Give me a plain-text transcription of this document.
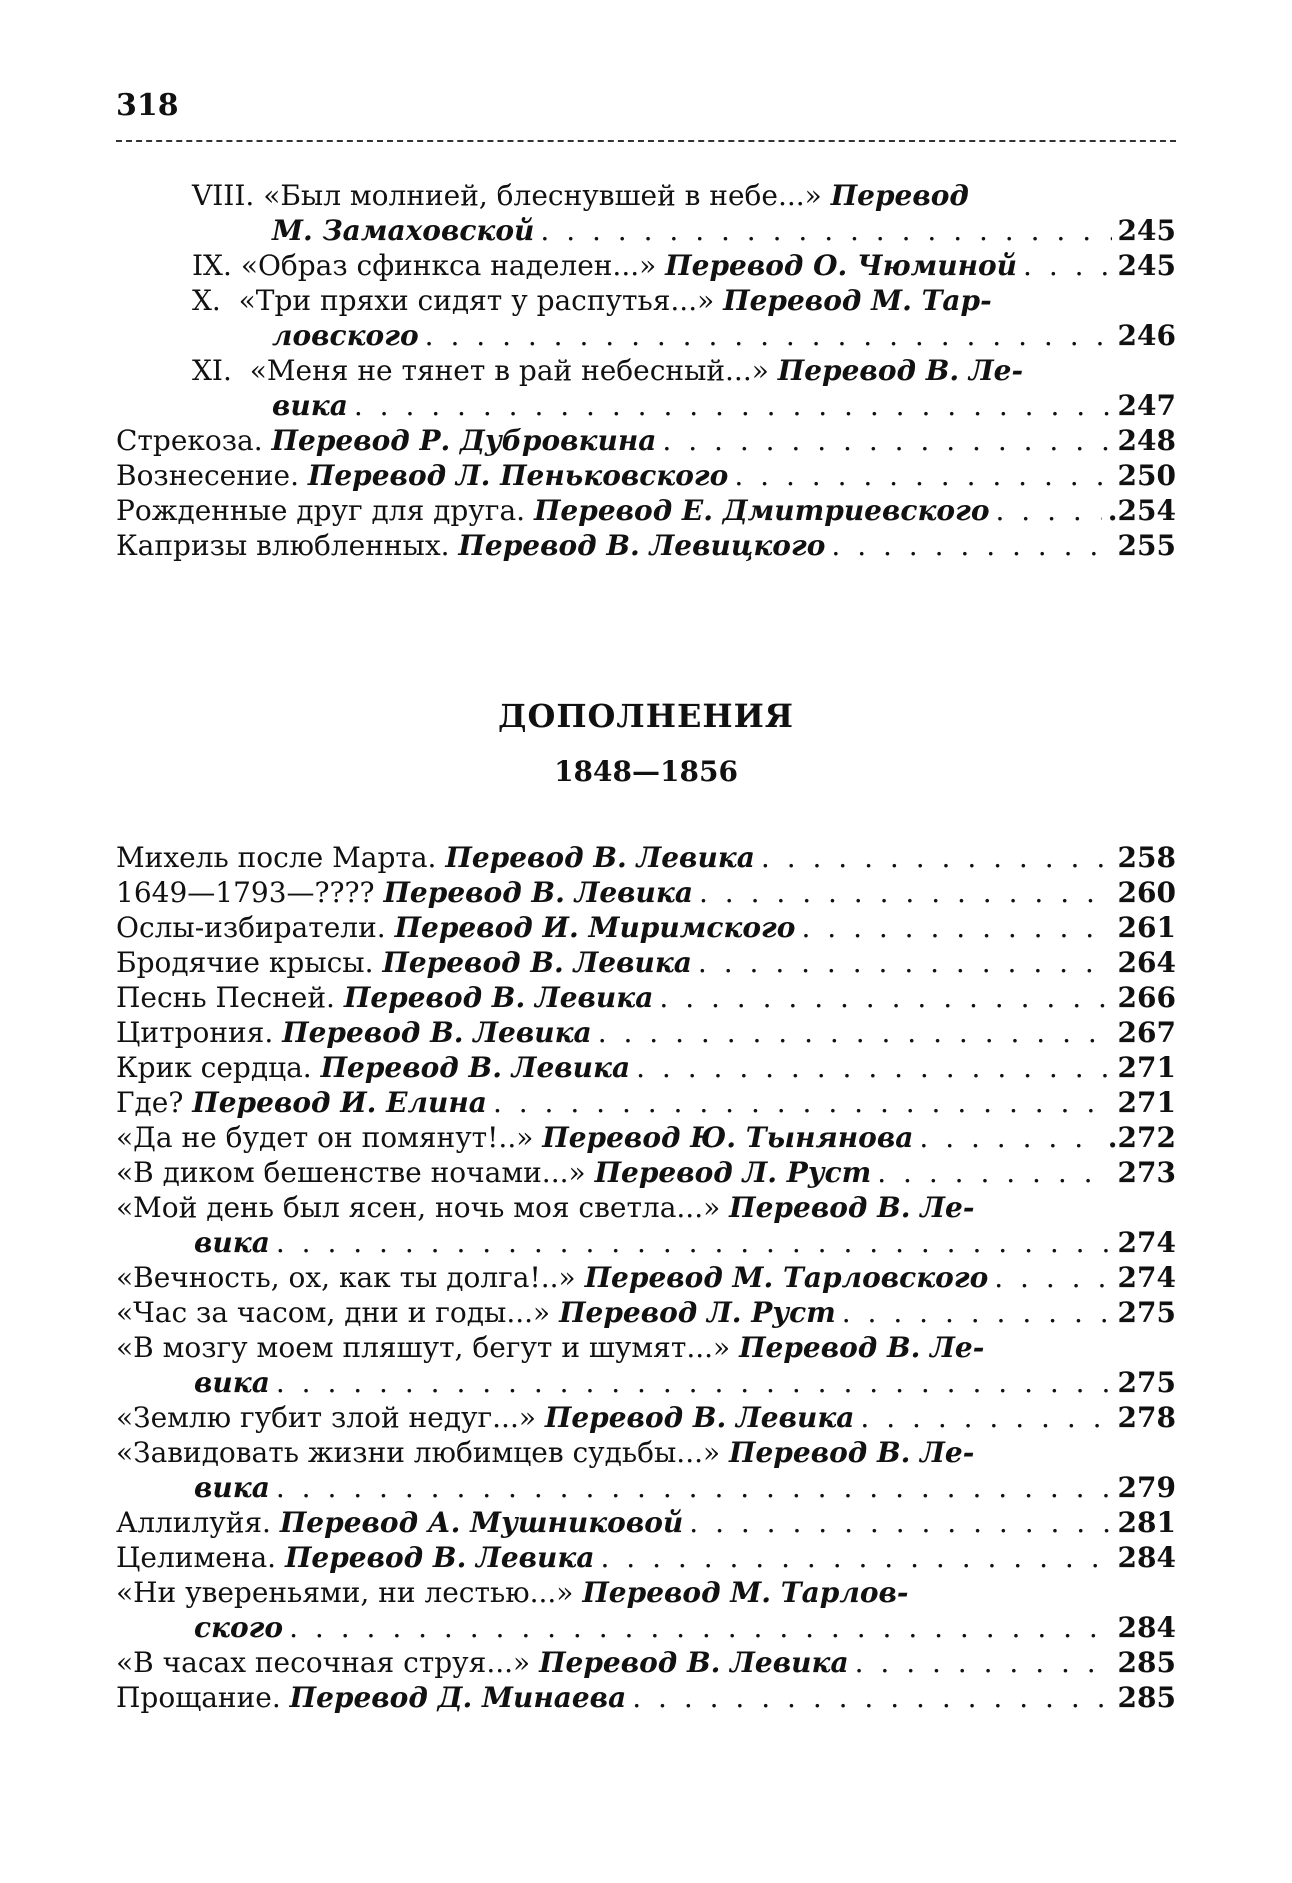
318
VIII. «Был молнией, блеснувшей в небе...» Перевод
М. Замаховской . . .	245
IX.
«Образ сфинкса наделен...»
Перевод О. Чюминой . . .	245
X. «Три пряхи сидят у распутья...» Перевод М. Тар-
ловского . . .	246
XI. «Меня не тянет в рай небесный...» Перевод В. Ле-
вика . . .	247
Стрекоза.
Перевод Р. Дубровкина . . .	248
Вознесение.
Перевод Л. Пеньковского . . .	250
Рожденные друг для друга.
Перевод Е. Дмитриевского . . .	.254
Капризы влюбленных.
Перевод В. Левицкого . . .	255
ДОПОЛНЕНИЯ
1848—1856
Михель после Марта.
Перевод В. Левика . . .	258
1649—1793—????
Перевод В. Левика . . .	260
Ослы-избиратели.
Перевод И. Миримского . . .	261
Бродячие крысы.
Перевод В. Левика . . .	264
Песнь Песней.
Перевод В. Левика . . .	266
Цитрония.
Перевод В. Левика . . .	267
Крик сердца.
Перевод В. Левика . . .	271
Где?
Перевод И. Елина . . .	271
«Да не будет он помянут!..»
Перевод Ю. Тынянова . . .	.272
«В диком бешенстве ночами...»
Перевод Л. Руст . . .	273
«Мой день был ясен, ночь моя светла...» Перевод В. Ле-
вика . . .	274
«Вечность, ох, как ты долга!..»
Перевод М. Тарловского . . .	274
«Час за часом, дни и годы...»
Перевод Л. Руст . . .	275
«В мозгу моем пляшут, бегут и шумят...» Перевод В. Ле-
вика . . .	275
«Землю губит злой недуг...»
Перевод В. Левика . . .	278
«Завидовать жизни любимцев судьбы...» Перевод В. Ле-
вика . . .	279
Аллилуйя.
Перевод А. Мушниковой . . .	281
Целимена.
Перевод В. Левика . . .	284
«Ни увереньями, ни лестью...» Перевод М. Тарлов-
ского . . .	284
«В часах песочная струя...»
Перевод В. Левика . . .	285
Прощание.
Перевод Д. Минаева . . .	285
